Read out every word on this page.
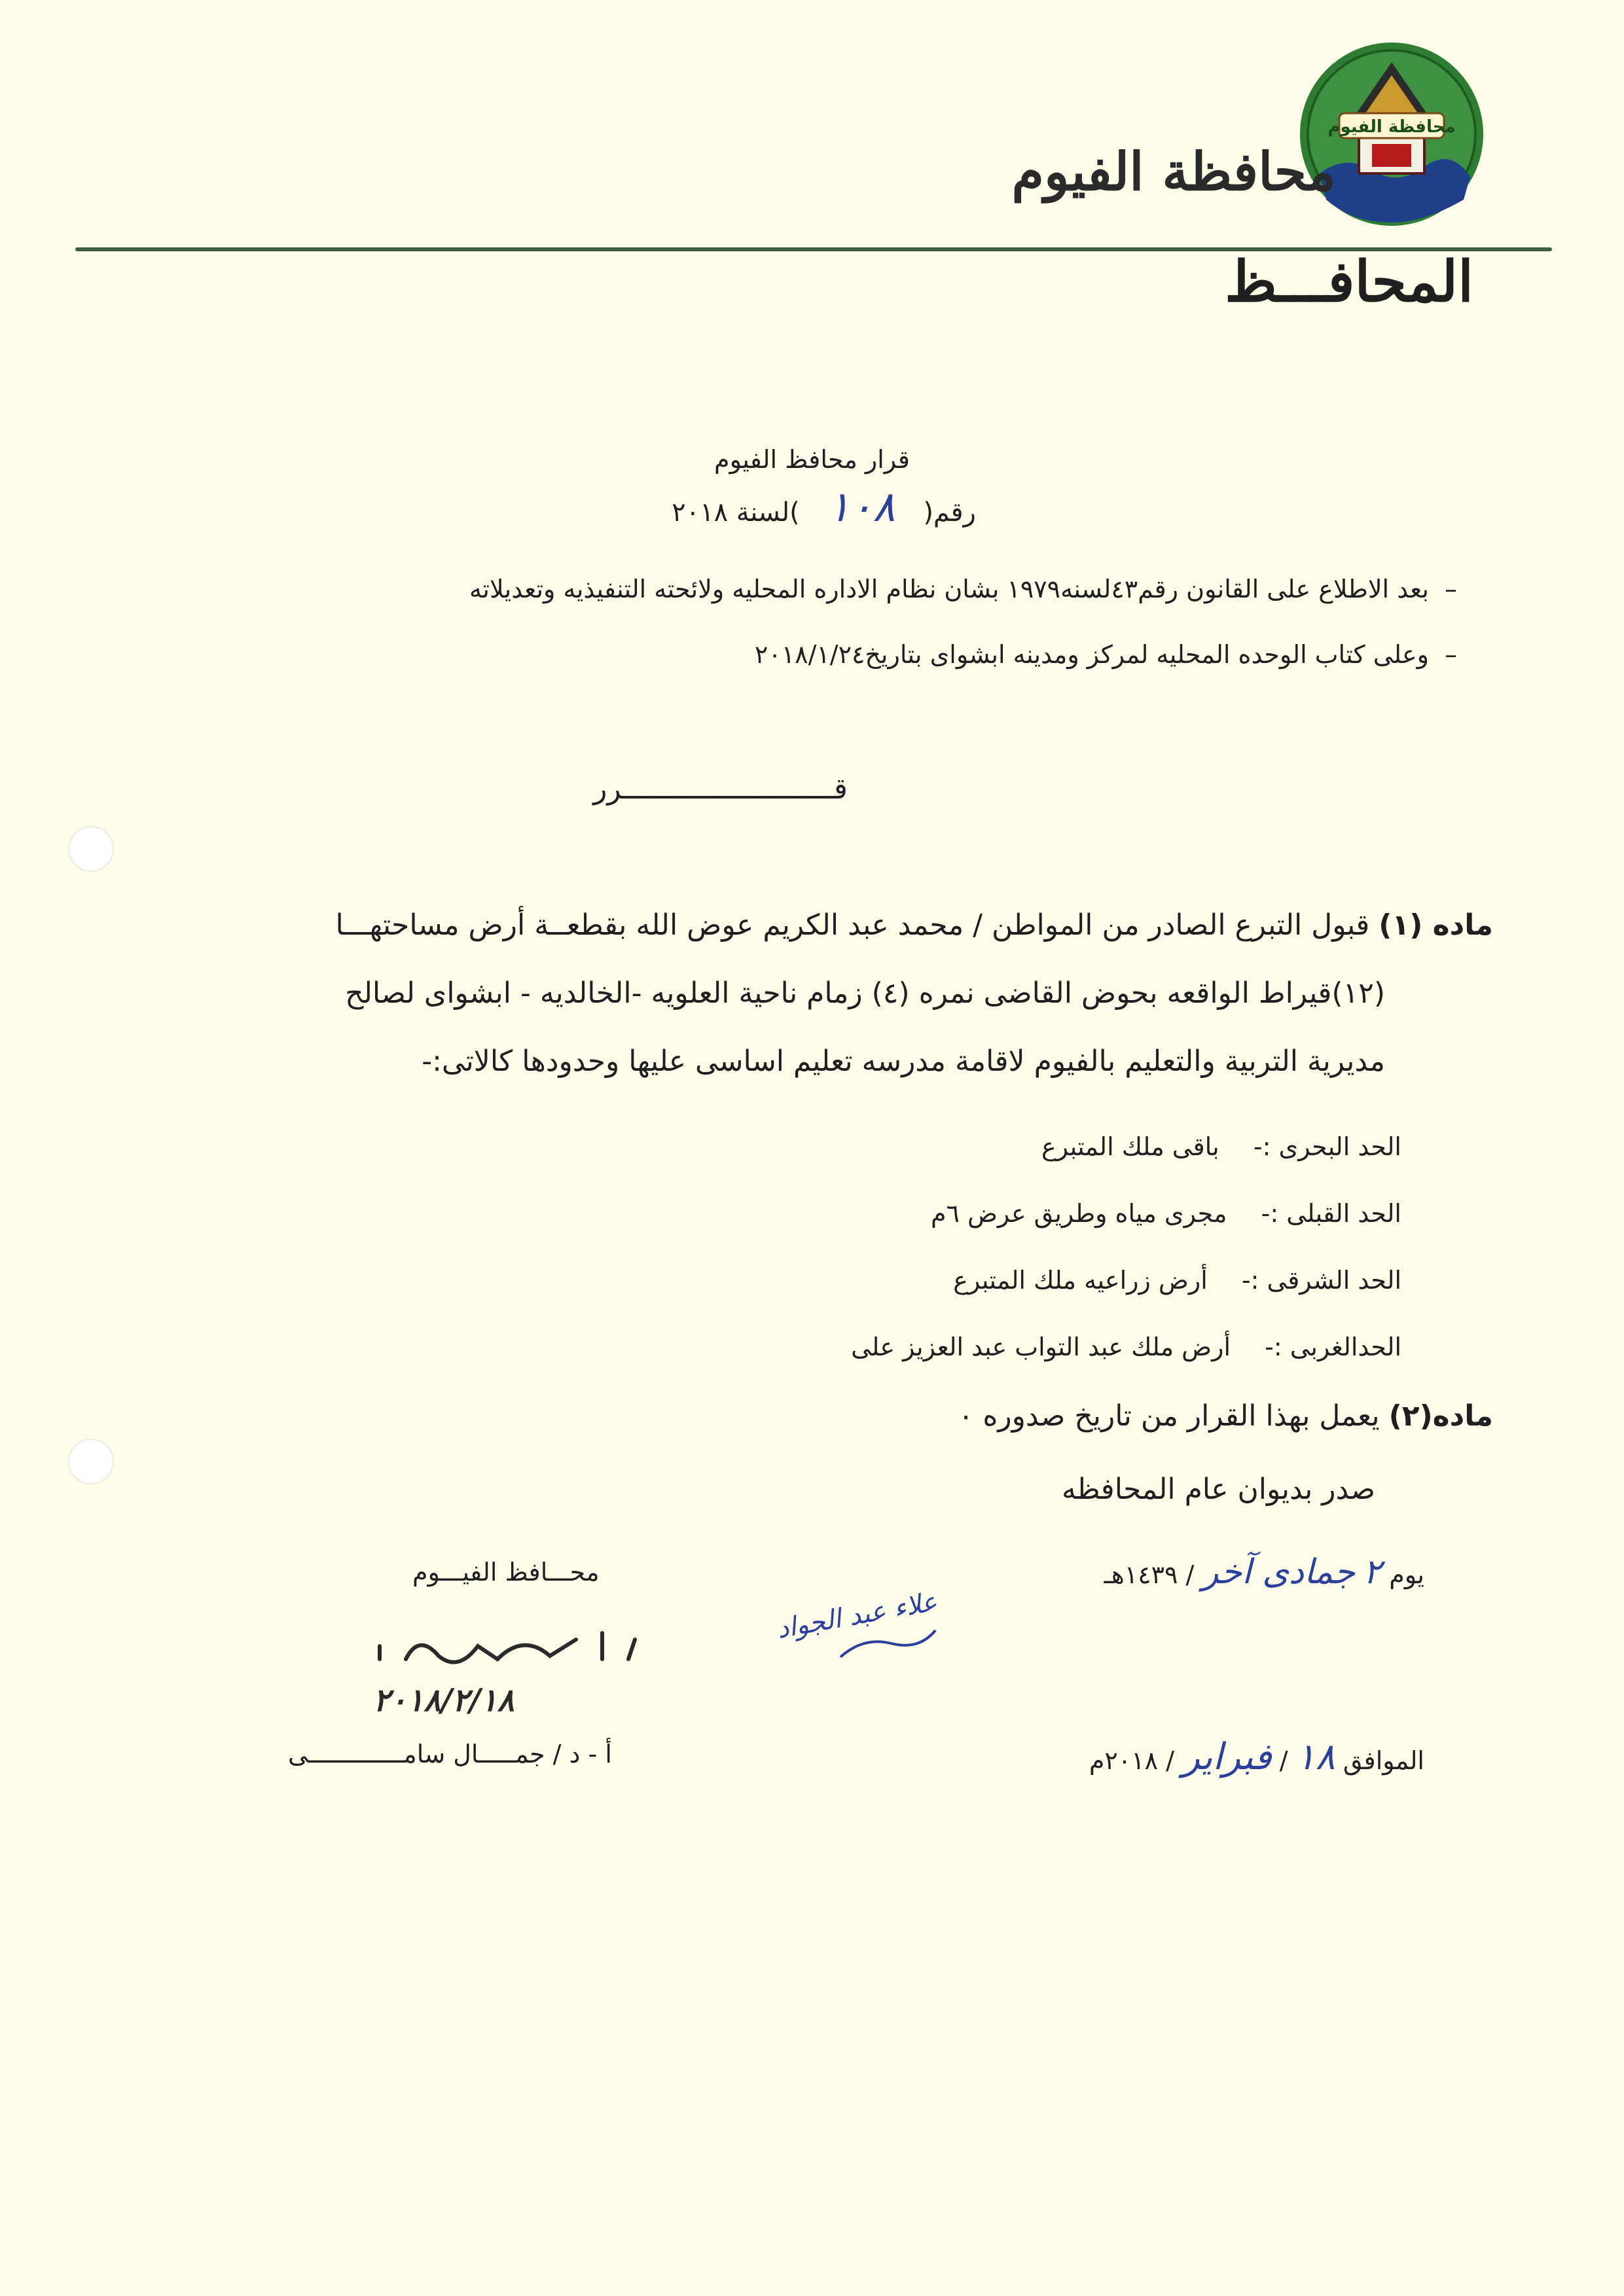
محافظة الفيوم
محافظة الفيوم
المحافـــظ
قرار محافظ الفيوم
رقم( ١٠٨ )لسنة ٢٠١٨
–بعد الاطلاع على القانون رقم٤٣لسنه١٩٧٩ بشان نظام الاداره المحليه ولائحته التنفيذيه وتعديلاته
–وعلى كتاب الوحده المحليه لمركز ومدينه ابشواى بتاريخ٢٠١٨/١/٢٤
قـــــــــــــــــــــــــرر
ماده (١) قبول التبرع الصادر من المواطن / محمد عبد الكريم عوض الله بقطعــة أرض مساحتهـــا
(١٢)قيراط الواقعه بحوض القاضى نمره (٤) زمام ناحية العلويه -الخالديه - ابشواى لصالح
مديرية التربية والتعليم بالفيوم لاقامة مدرسه تعليم اساسى عليها وحدودها كالاتى:-
الحد البحرى :- باقى ملك المتبرع
الحد القبلى :- مجرى مياه وطريق عرض ٦م
الحد الشرقى :- أرض زراعيه ملك المتبرع
الحدالغربى :- أرض ملك عبد التواب عبد العزيز على
ماده(٢) يعمل بهذا القرار من تاريخ صدوره ٠
صدر بديوان عام المحافظه
يوم ٢ جمادى آخر / ١٤٣٩هـ
الموافق ١٨ / فبراير / ٢٠١٨م
علاء عبد الجواد
محـــافظ الفيـــوم
٢٠١٨/٢/١٨
أ - د / جمـــــال سامـــــــــــــى
